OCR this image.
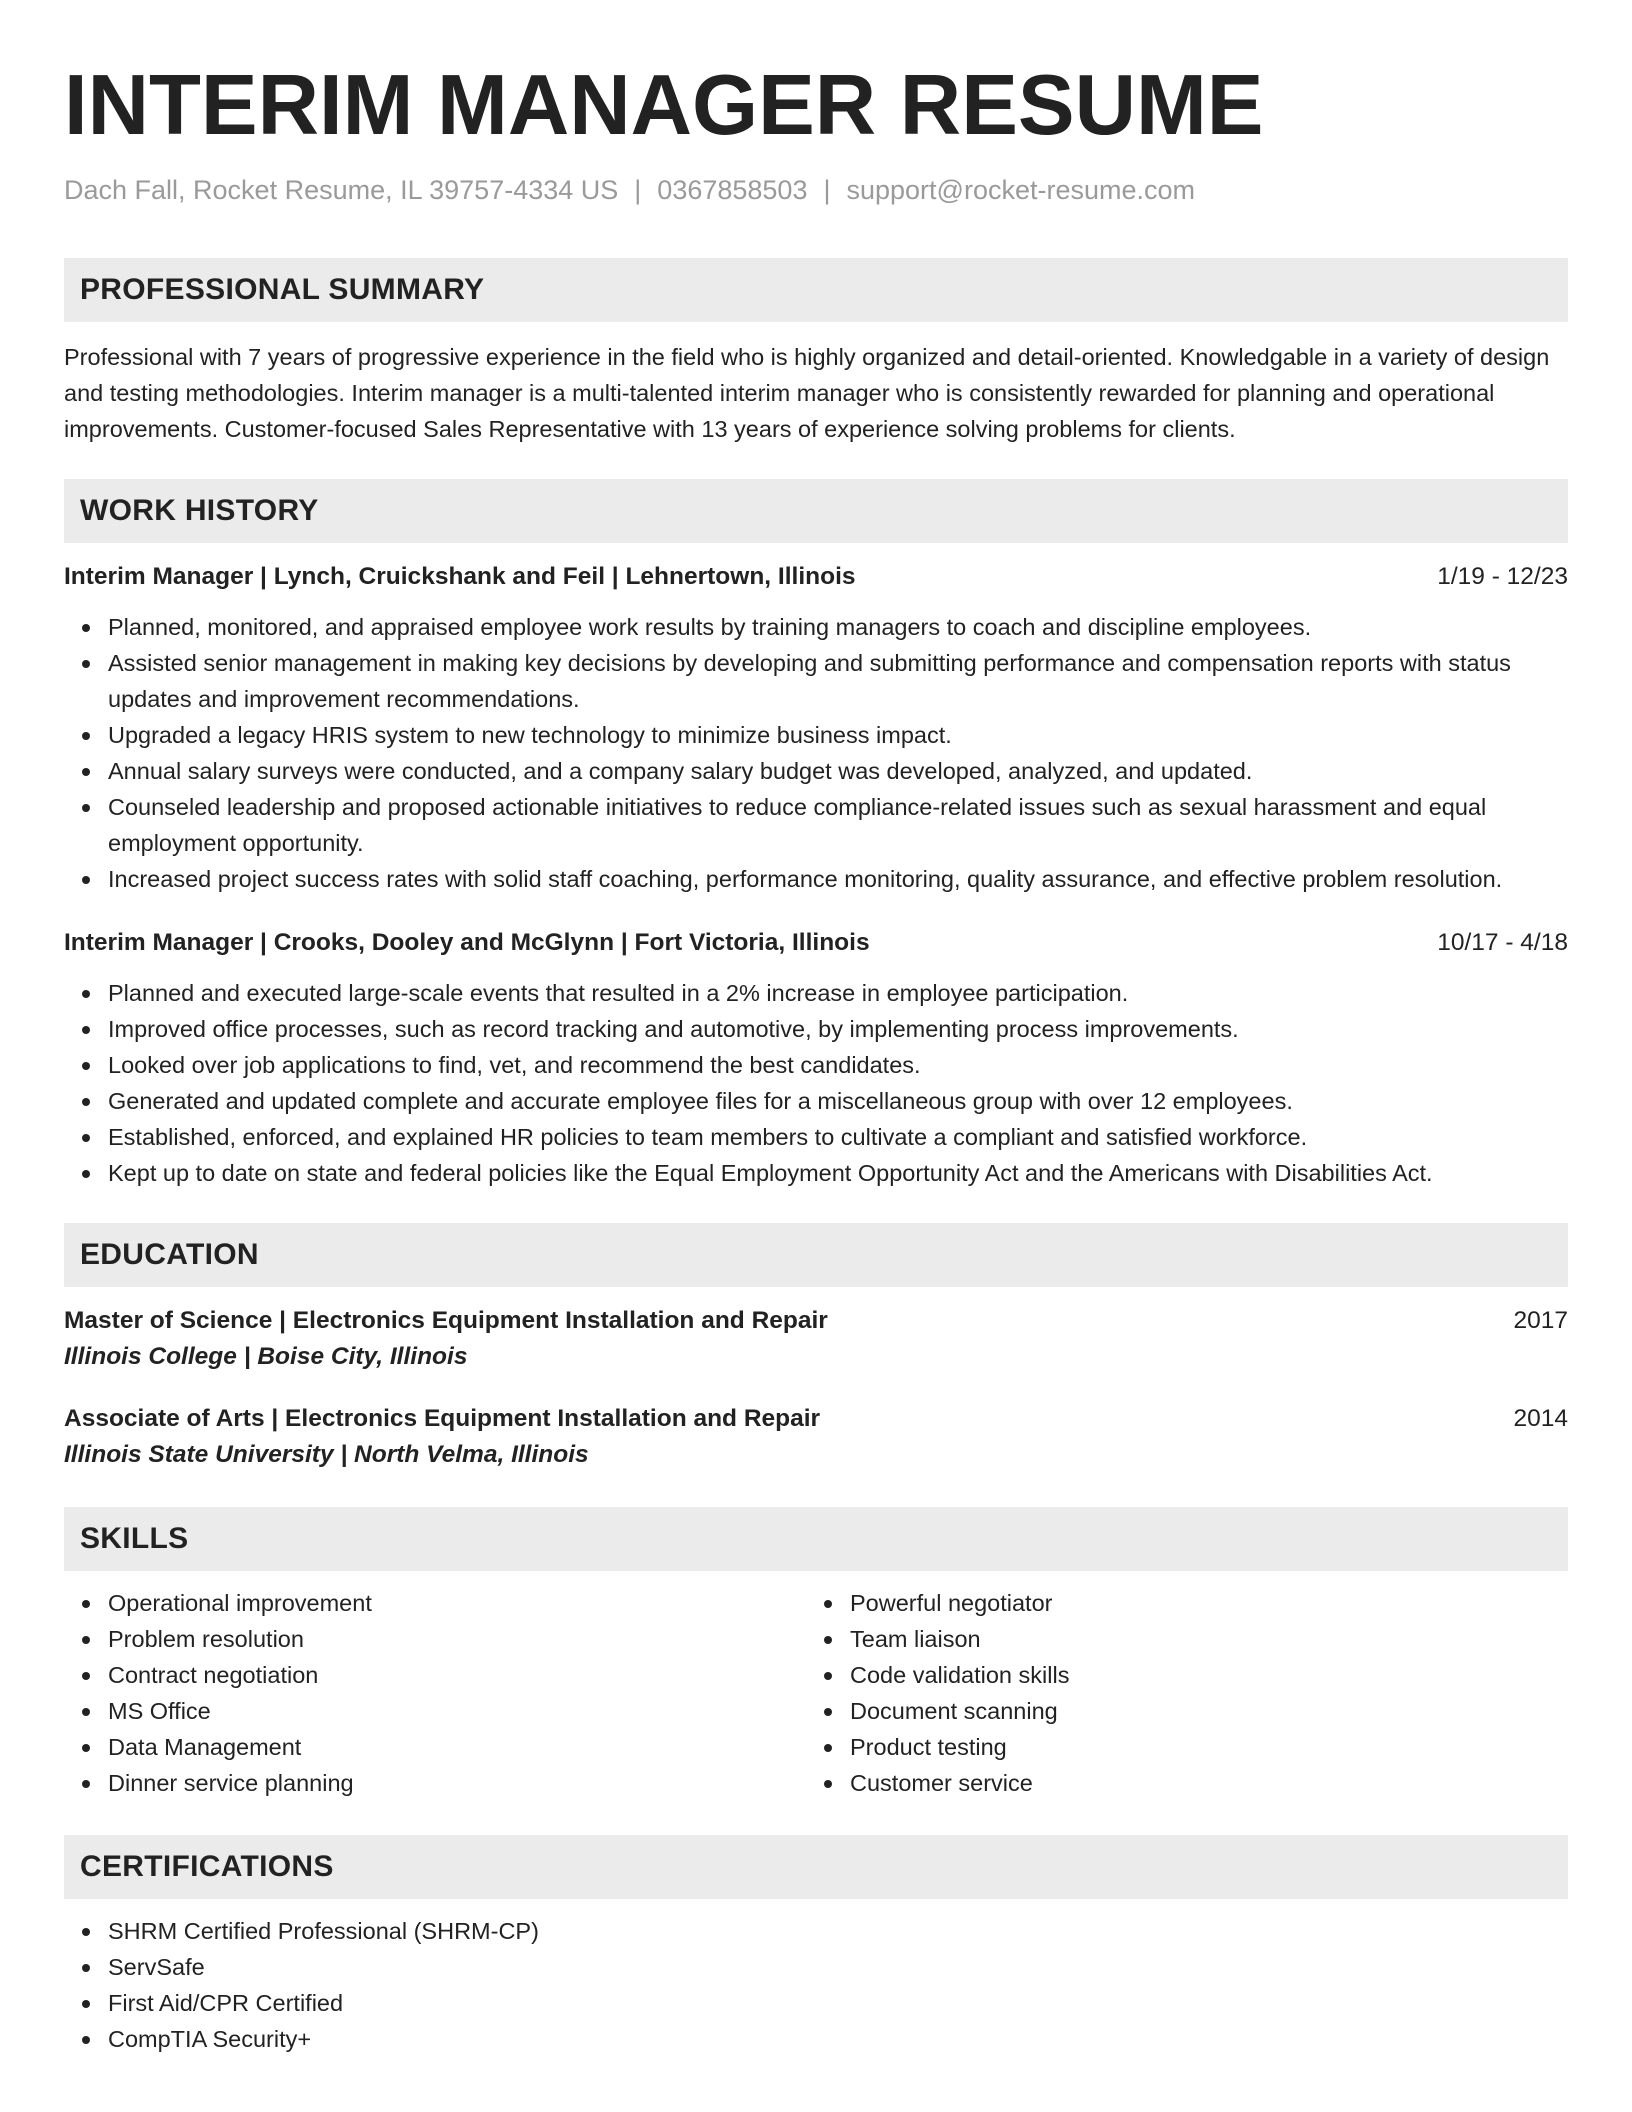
INTERIM MANAGER RESUME
Dach Fall, Rocket Resume, IL 39757-4334 US | 0367858503 | support@rocket-resume.com
PROFESSIONAL SUMMARY
Professional with 7 years of progressive experience in the field who is highly organized and detail-oriented. Knowledgable in a variety of design and testing methodologies. Interim manager is a multi-talented interim manager who is consistently rewarded for planning and operational improvements. Customer-focused Sales Representative with 13 years of experience solving problems for clients.
WORK HISTORY
Interim Manager | Lynch, Cruickshank and Feil | Lehnertown, Illinois	1/19 - 12/23
Planned, monitored, and appraised employee work results by training managers to coach and discipline employees.
Assisted senior management in making key decisions by developing and submitting performance and compensation reports with status updates and improvement recommendations.
Upgraded a legacy HRIS system to new technology to minimize business impact.
Annual salary surveys were conducted, and a company salary budget was developed, analyzed, and updated.
Counseled leadership and proposed actionable initiatives to reduce compliance-related issues such as sexual harassment and equal employment opportunity.
Increased project success rates with solid staff coaching, performance monitoring, quality assurance, and effective problem resolution.
Interim Manager | Crooks, Dooley and McGlynn | Fort Victoria, Illinois	10/17 - 4/18
Planned and executed large-scale events that resulted in a 2% increase in employee participation.
Improved office processes, such as record tracking and automotive, by implementing process improvements.
Looked over job applications to find, vet, and recommend the best candidates.
Generated and updated complete and accurate employee files for a miscellaneous group with over 12 employees.
Established, enforced, and explained HR policies to team members to cultivate a compliant and satisfied workforce.
Kept up to date on state and federal policies like the Equal Employment Opportunity Act and the Americans with Disabilities Act.
EDUCATION
Master of Science | Electronics Equipment Installation and Repair	2017
Illinois College | Boise City, Illinois
Associate of Arts | Electronics Equipment Installation and Repair	2014
Illinois State University | North Velma, Illinois
SKILLS
Operational improvement
Problem resolution
Contract negotiation
MS Office
Data Management
Dinner service planning
Powerful negotiator
Team liaison
Code validation skills
Document scanning
Product testing
Customer service
CERTIFICATIONS
SHRM Certified Professional (SHRM-CP)
ServSafe
First Aid/CPR Certified
CompTIA Security+
